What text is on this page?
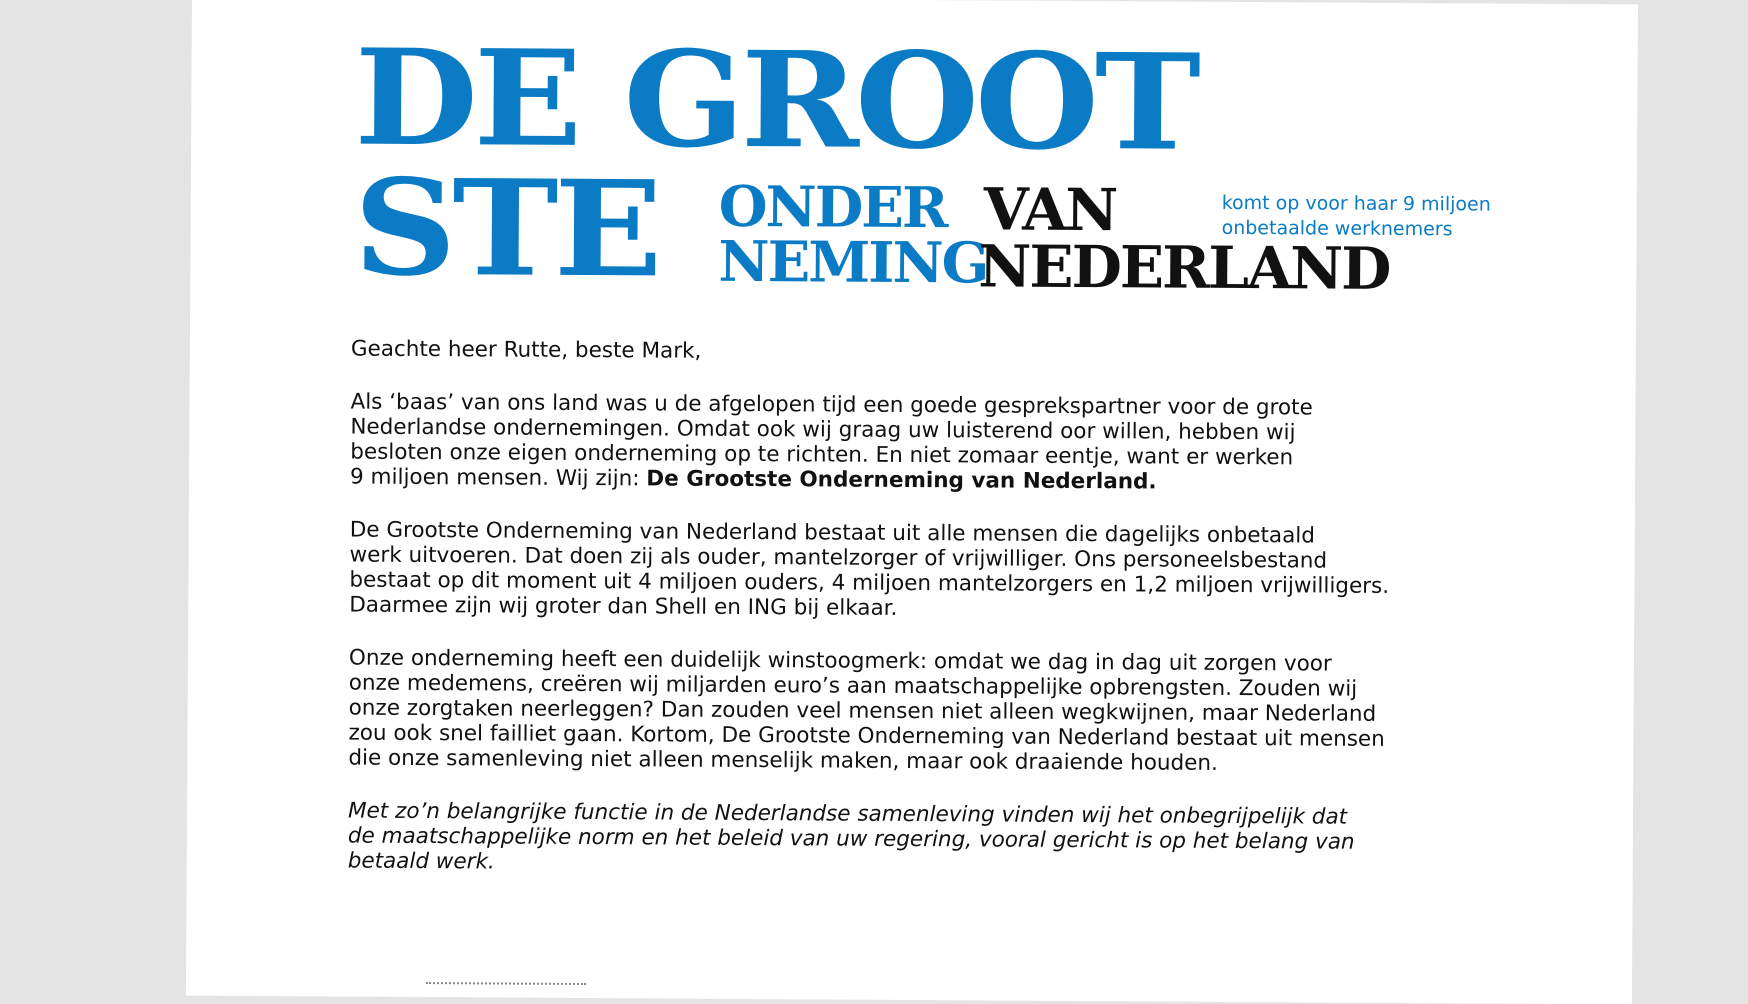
DE GROOT
STE ONDER
NEMING
VAN
NEDERLAND
komt op voor haar 9 miljoen
onbetaalde werknemers

Geachte heer Rutte, beste Mark,

Als ‘baas’ van ons land was u de afgelopen tijd een goede gesprekspartner voor de grote
Nederlandse ondernemingen. Omdat ook wij graag uw luisterend oor willen, hebben wij
besloten onze eigen onderneming op te richten. En niet zomaar eentje, want er werken
9 miljoen mensen. Wij zijn: De Grootste Onderneming van Nederland.

De Grootste Onderneming van Nederland bestaat uit alle mensen die dagelijks onbetaald
werk uitvoeren. Dat doen zij als ouder, mantelzorger of vrijwilliger. Ons personeelsbestand
bestaat op dit moment uit 4 miljoen ouders, 4 miljoen mantelzorgers en 1,2 miljoen vrijwilligers.
Daarmee zijn wij groter dan Shell en ING bij elkaar.

Onze onderneming heeft een duidelijk winstoogmerk: omdat we dag in dag uit zorgen voor
onze medemens, creëren wij miljarden euro’s aan maatschappelijke opbrengsten. Zouden wij
onze zorgtaken neerleggen? Dan zouden veel mensen niet alleen wegkwijnen, maar Nederland
zou ook snel failliet gaan. Kortom, De Grootste Onderneming van Nederland bestaat uit mensen
die onze samenleving niet alleen menselijk maken, maar ook draaiende houden.

Met zo’n belangrijke functie in de Nederlandse samenleving vinden wij het onbegrijpelijk dat
de maatschappelijke norm en het beleid van uw regering, vooral gericht is op het belang van
betaald werk.
